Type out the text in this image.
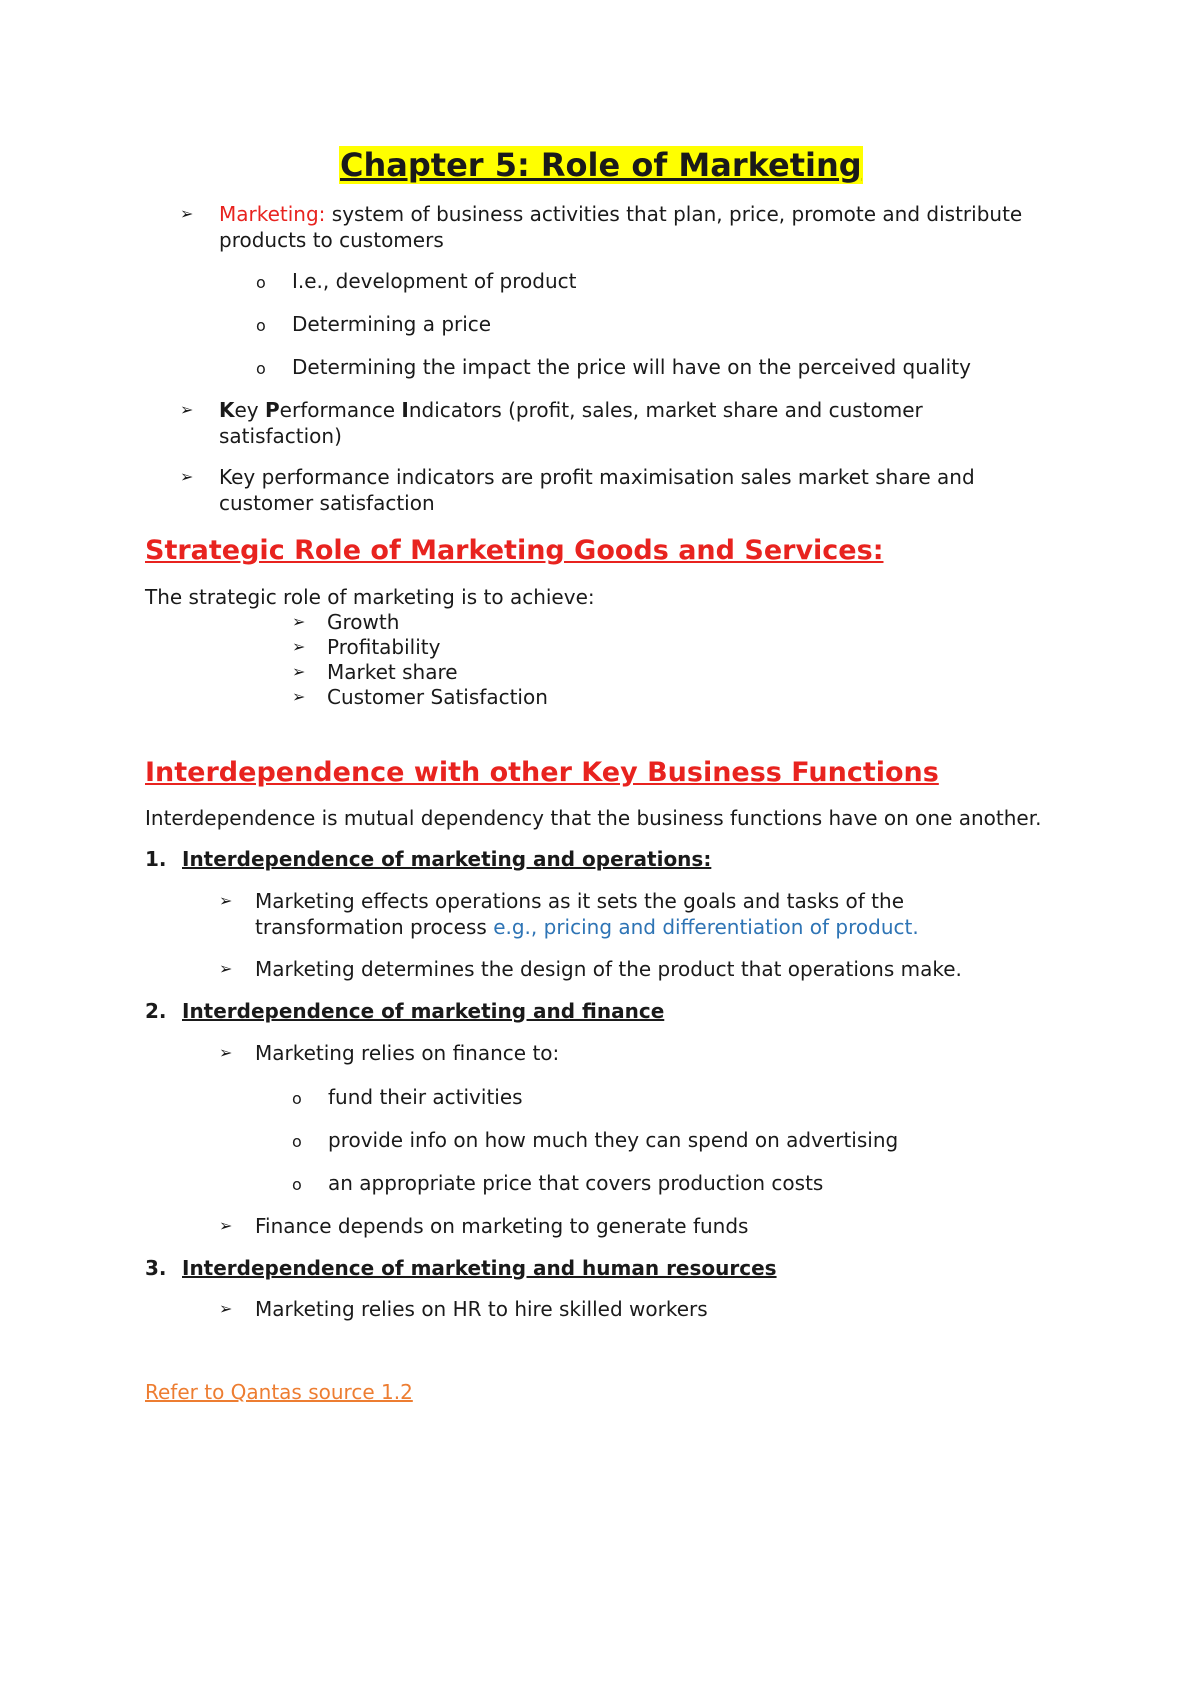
Chapter 5: Role of Marketing
➢ Marketing: system of business activities that plan, price, promote and distribute
products to customers
o I.e., development of product
o Determining a price
o Determining the impact the price will have on the perceived quality
➢ Key Performance Indicators (profit, sales, market share and customer
satisfaction)
➢ Key performance indicators are profit maximisation sales market share and
customer satisfaction
Strategic Role of Marketing Goods and Services:
The strategic role of marketing is to achieve:
➢ Growth
➢ Profitability
➢ Market share
➢ Customer Satisfaction
Interdependence with other Key Business Functions
Interdependence is mutual dependency that the business functions have on one another.
1. Interdependence of marketing and operations:
➢ Marketing effects operations as it sets the goals and tasks of the
transformation process e.g., pricing and differentiation of product.
➢ Marketing determines the design of the product that operations make.
2. Interdependence of marketing and finance
➢ Marketing relies on finance to:
o fund their activities
o provide info on how much they can spend on advertising
o an appropriate price that covers production costs
➢ Finance depends on marketing to generate funds
3. Interdependence of marketing and human resources
➢ Marketing relies on HR to hire skilled workers
Refer to Qantas source 1.2
